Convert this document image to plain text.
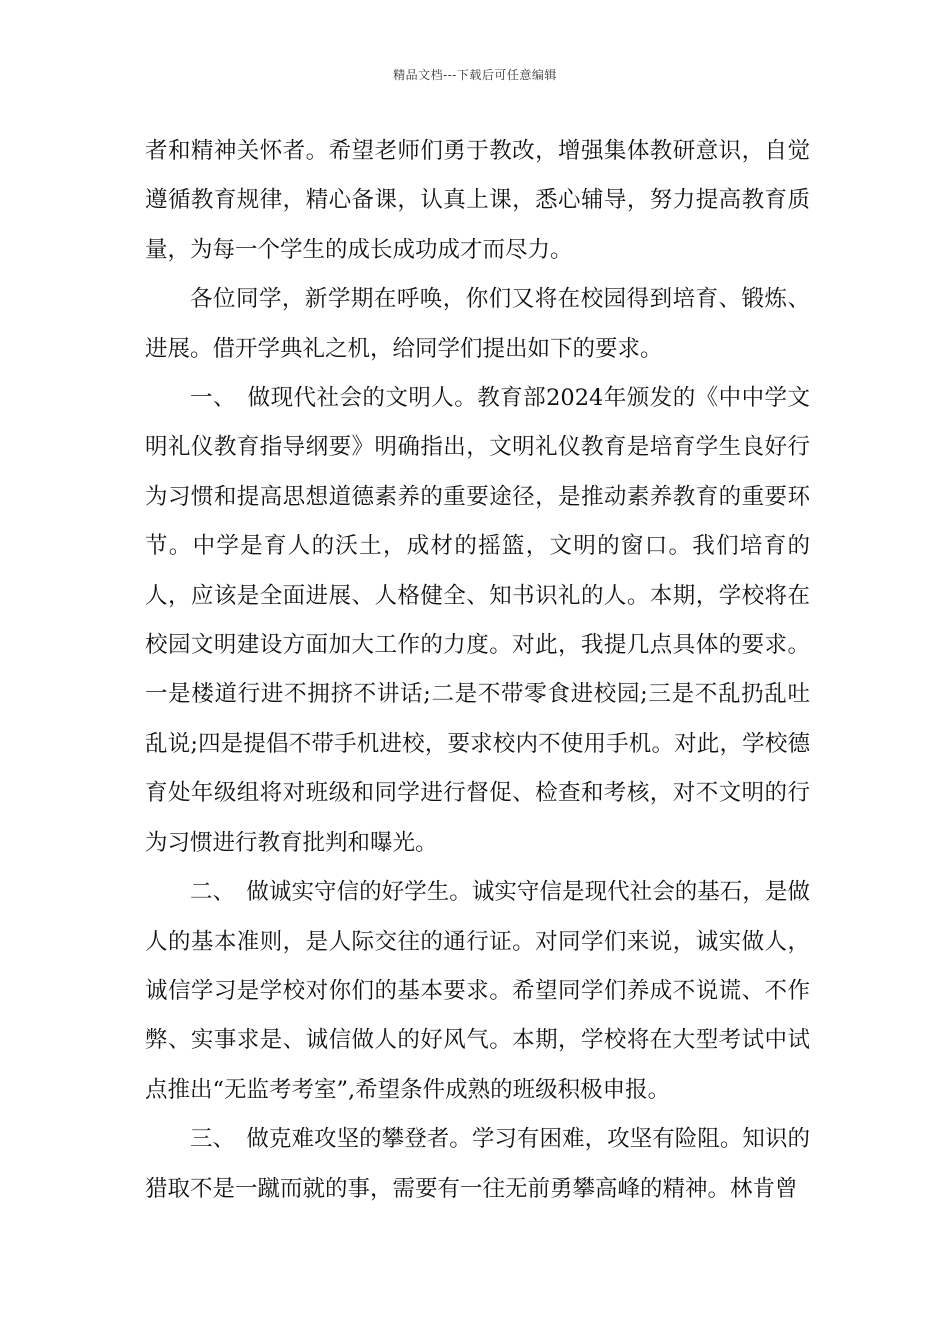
精品文档---下载后可任意编辑

者和精神关怀者。希望老师们勇于教改，增强集体教研意识，自觉遵循教育规律，精心备课，认真上课，悉心辅导，努力提高教育质量，为每一个学生的成长成功成才而尽力。

各位同学，新学期在呼唤，你们又将在校园得到培育、锻炼、进展。借开学典礼之机，给同学们提出如下的要求。

一、　做现代社会的文明人。教育部2024年颁发的《中中学文明礼仪教育指导纲要》明确指出，文明礼仪教育是培育学生良好行为习惯和提高思想道德素养的重要途径，是推动素养教育的重要环节。中学是育人的沃土，成材的摇篮，文明的窗口。我们培育的人，应该是全面进展、人格健全、知书识礼的人。本期，学校将在校园文明建设方面加大工作的力度。对此，我提几点具体的要求。一是楼道行进不拥挤不讲话;二是不带零食进校园;三是不乱扔乱吐乱说;四是提倡不带手机进校，要求校内不使用手机。对此，学校德育处年级组将对班级和同学进行督促、检查和考核，对不文明的行为习惯进行教育批判和曝光。

二、　做诚实守信的好学生。诚实守信是现代社会的基石，是做人的基本准则，是人际交往的通行证。对同学们来说，诚实做人，诚信学习是学校对你们的基本要求。希望同学们养成不说谎、不作弊、实事求是、诚信做人的好风气。本期，学校将在大型考试中试点推出“无监考考室”,希望条件成熟的班级积极申报。

三、　做克难攻坚的攀登者。学习有困难，攻坚有险阻。知识的猎取不是一蹴而就的事，需要有一往无前勇攀高峰的精神。林肯曾
